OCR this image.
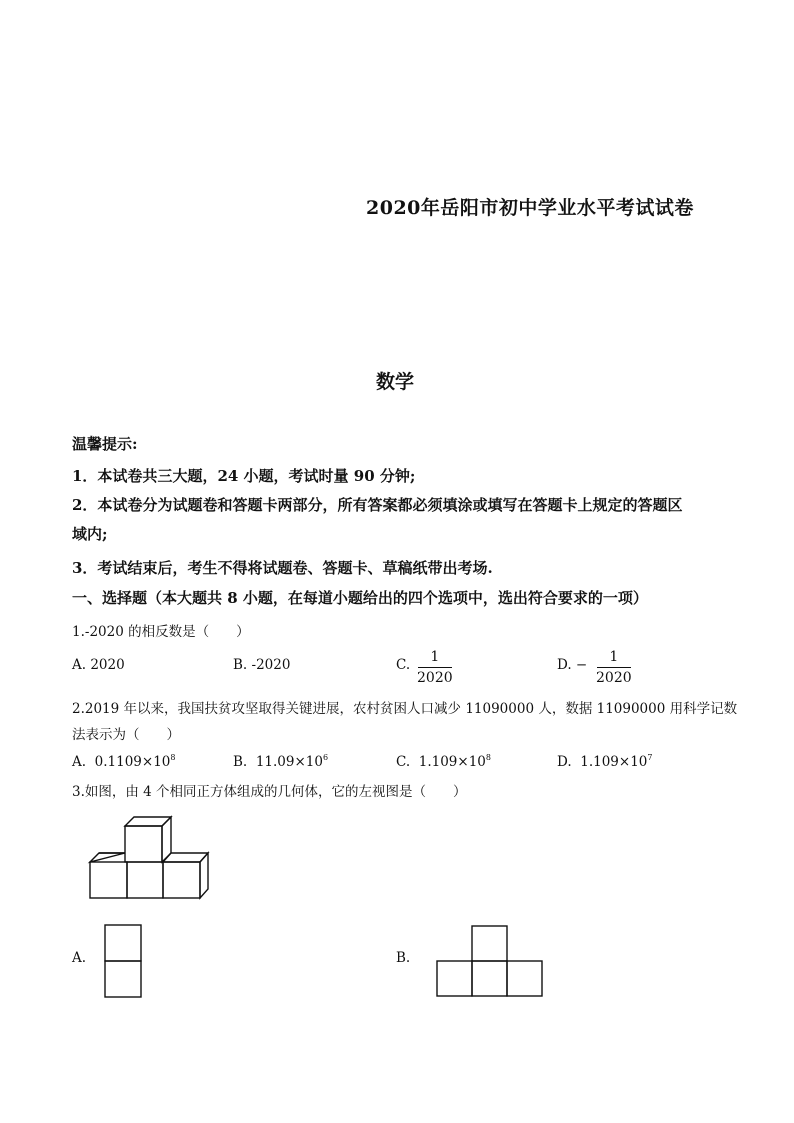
2020年岳阳市初中学业水平考试试卷
数学
温馨提示:
1．本试卷共三大题，24 小题，考试时量 90 分钟;
2．本试卷分为试题卷和答题卡两部分，所有答案都必须填涂或填写在答题卡上规定的答题区
域内;
3．考试结束后，考生不得将试题卷、答题卡、草稿纸带出考场.
一、选择题（本大题共 8 小题，在每道小题给出的四个选项中，选出符合要求的一项）
1.-2020 的相反数是（　　）
A. 2020	B. -2020	C. 1
2020
D. − 1
2020
2.2019 年以来，我国扶贫攻坚取得关键进展，农村贫困人口减少 11090000 人，数据 11090000 用科学记数
法表示为（　　）
A. $0.1109\times 10^8$	B. $11.09\times 10^6$	C. $1.109\times 10^8$	D. $1.109\times 10^7$
3.如图，由 4 个相同正方体组成的几何体，它的左视图是（　　）
A.	B.
